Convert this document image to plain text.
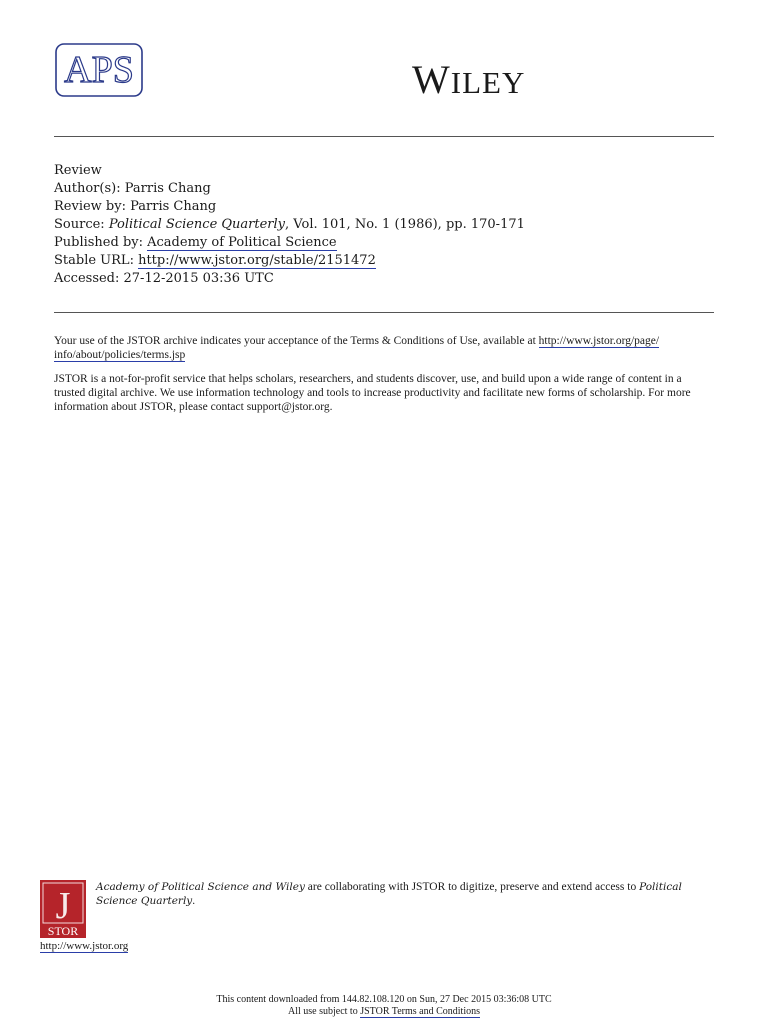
APS	WILEY
Review
Author(s): Parris Chang
Review by: Parris Chang
Source: Political Science Quarterly, Vol. 101, No. 1 (1986), pp. 170-171
Published by: Academy of Political Science
Stable URL: http://www.jstor.org/stable/2151472
Accessed: 27-12-2015 03:36 UTC

Your use of the JSTOR archive indicates your acceptance of the Terms & Conditions of Use, available at http://www.jstor.org/page/
info/about/policies/terms.jsp

JSTOR is a not-for-profit service that helps scholars, researchers, and students discover, use, and build upon a wide range of content in a trusted digital archive. We use information technology and tools to increase productivity and facilitate new forms of scholarship. For more information about JSTOR, please contact support@jstor.org.

J
STOR
Academy of Political Science and Wiley are collaborating with JSTOR to digitize, preserve and extend access to Political Science Quarterly.
http://www.jstor.org
This content downloaded from 144.82.108.120 on Sun, 27 Dec 2015 03:36:08 UTC
All use subject to JSTOR Terms and Conditions
